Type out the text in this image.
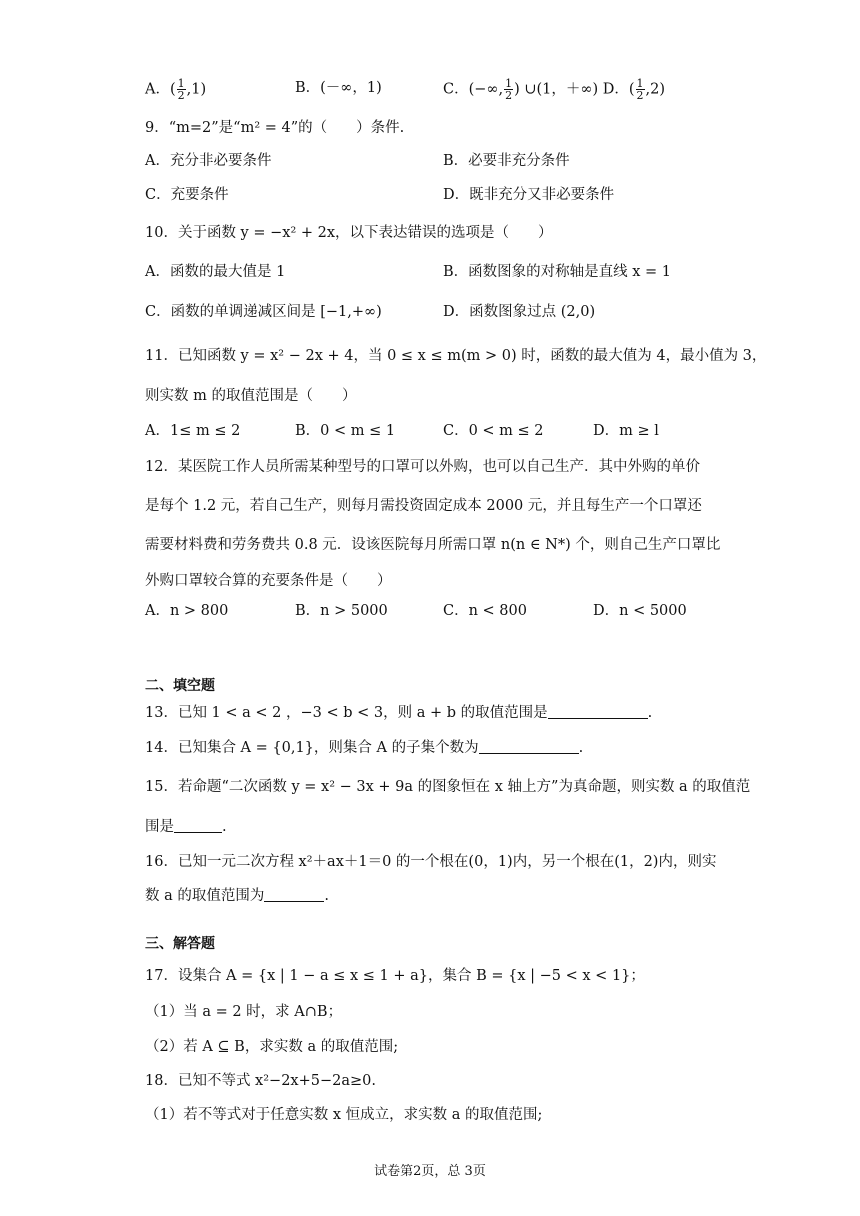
A．( $\frac{1}{2} ,1$)	B．(－∞，1)	C．(−∞, $\frac{1}{2}$ ) ∪(1，＋∞) D．( $\frac{1}{2} ,2$)
9．“m=2”是“m² = 4”的（　　）条件.
A．充分非必要条件	B．必要非充分条件
C．充要条件	D．既非充分又非必要条件
10．关于函数 y = −x² + 2x，以下表达错误的选项是（　　）
A．函数的最大值是 1	B．函数图象的对称轴是直线 x = 1
C．函数的单调递减区间是 [−1,+∞)	D．函数图象过点 (2,0)
11．已知函数 y = x² − 2x + 4，当 0 ≤ x ≤ m(m > 0) 时，函数的最大值为 4，最小值为 3，
则实数 m 的取值范围是（　　）
A．1≤ m ≤ 2	B．0 < m ≤ 1	C．0 < m ≤ 2	D．m ≥ l
12．某医院工作人员所需某种型号的口罩可以外购，也可以自己生产．其中外购的单价
是每个 1.2 元，若自己生产，则每月需投资固定成本 2000 元，并且每生产一个口罩还
需要材料费和劳务费共 0.8 元．设该医院每月所需口罩 n(n ∈ N*) 个，则自己生产口罩比
外购口罩较合算的充要条件是（　　）
A．n > 800	B．n > 5000	C．n < 800	D．n < 5000
二、填空题
13．已知 1 < a < 2 ，−3 < b < 3，则 a + b 的取值范围是	.
14．已知集合 A = {0,1}，则集合 A 的子集个数为	.
15．若命题“二次函数 y = x² − 3x + 9a 的图象恒在 x 轴上方”为真命题，则实数 a 的取值范
围是	.
16．已知一元二次方程 x²＋ax＋1＝0 的一个根在(0，1)内，另一个根在(1，2)内，则实
数 a 的取值范围为	.
三、解答题
17．设集合 A = {x | 1 − a ≤ x ≤ 1 + a}，集合 B = {x | −5 < x < 1}；
（1）当 a = 2 时，求 A∩B；
（2）若 A ⊆ B，求实数 a 的取值范围;
18．已知不等式 x²−2x+5−2a≥0.
（1）若不等式对于任意实数 x 恒成立，求实数 a 的取值范围;
试卷第2页，总 3页
